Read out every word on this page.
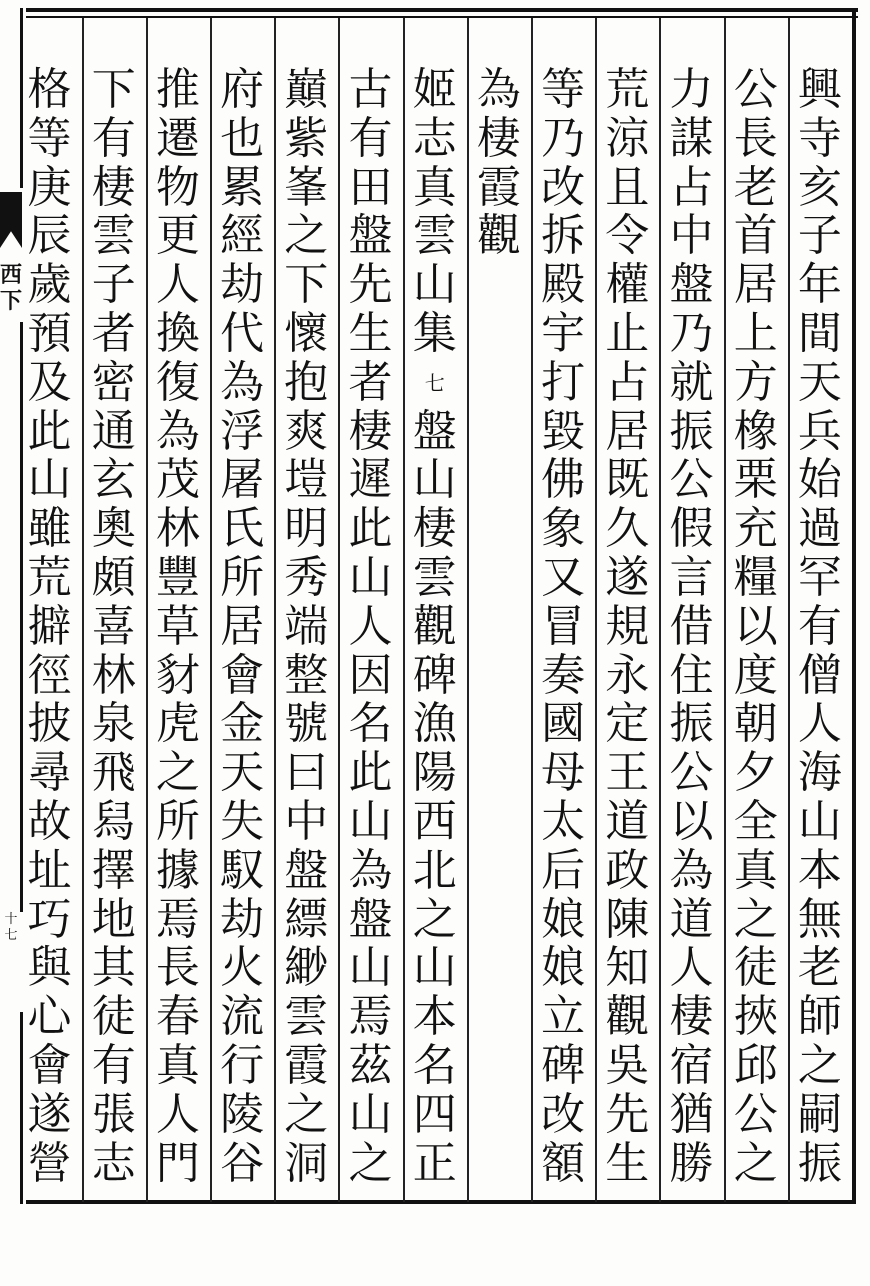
西
下
十
七
興
寺
亥
子
年
間
天
兵
始
過
罕
有
僧
人
海
山
本
無
老
師
之
嗣
振
公
長
老
首
居
上
方
橡
栗
充
糧
以
度
朝
夕
全
真
之
徒
挾
邱
公
之
力
謀
占
中
盤
乃
就
振
公
假
言
借
住
振
公
以
為
道
人
棲
宿
猶
勝
荒
涼
且
令
權
止
占
居
既
久
遂
規
永
定
王
道
政
陳
知
觀
吳
先
生
等
乃
改
拆
殿
宇
打
毀
佛
象
又
冒
奏
國
母
太
后
娘
娘
立
碑
改
額
為
棲
霞
觀
姬
志
真
雲
山
集
七
盤
山
棲
雲
觀
碑
漁
陽
西
北
之
山
本
名
四
正
古
有
田
盤
先
生
者
棲
遲
此
山
人
因
名
此
山
為
盤
山
焉
茲
山
之
巔
紫
峯
之
下
懷
抱
爽
塏
明
秀
端
整
號
曰
中
盤
縹
緲
雲
霞
之
洞
府
也
累
經
劫
代
為
浮
屠
氏
所
居
會
金
天
失
馭
劫
火
流
行
陵
谷
推
遷
物
更
人
換
復
為
茂
林
豐
草
豺
虎
之
所
據
焉
長
春
真
人
門
下
有
棲
雲
子
者
密
通
玄
奧
頗
喜
林
泉
飛
舄
擇
地
其
徒
有
張
志
格
等
庚
辰
歲
預
及
此
山
雖
荒
擗
徑
披
尋
故
址
巧
與
心
會
遂
營
